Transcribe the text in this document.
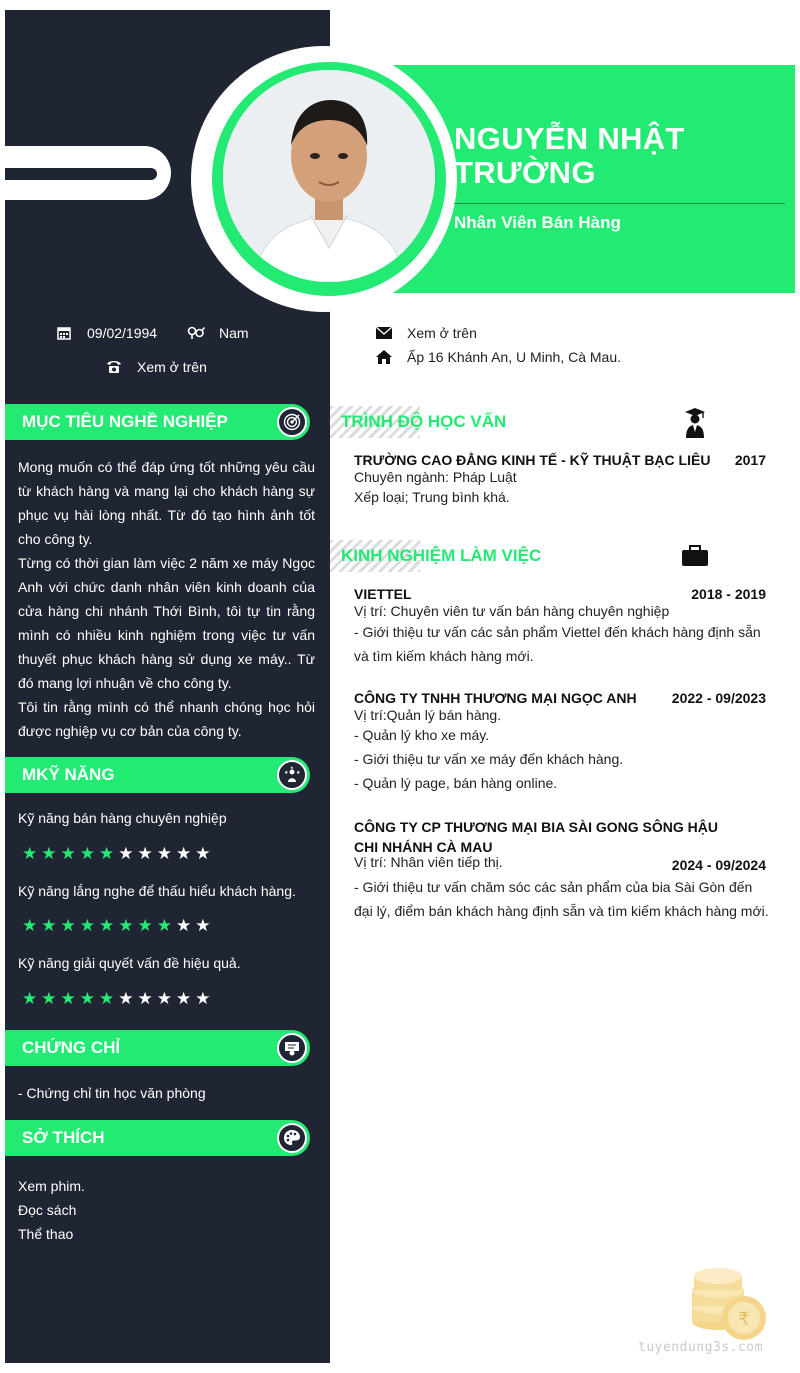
NGUYỄN NHẬT TRƯỜNG
Nhân Viên Bán Hàng
09/02/1994	Nam
Xem ở trên
Xem ở trên
Ấp 16 Khánh An, U Minh, Cà Mau.
MỤC TIÊU NGHỀ NGHIỆP

Mong muốn có thể đáp ứng tốt những yêu cầu từ khách hàng và mang lại cho khách hàng sự phục vụ hài lòng nhất. Từ đó tạo hình ảnh tốt cho công ty.

Từng có thời gian làm việc 2 năm xe máy Ngọc Anh với chức danh nhân viên kinh doanh của cửa hàng chi nhánh Thới Bình, tôi tự tin rằng mình có nhiều kinh nghiệm trong việc tư vấn thuyết phục khách hàng sử dụng xe máy.. Từ đó mang lợi nhuận về cho công ty.

Tôi tin rằng mình có thể nhanh chóng học hỏi được nghiệp vụ cơ bản của công ty.

MKỸ NĂNG	★ ★
★
Kỹ năng bán hàng chuyên nghiệp
★ ★ ★ ★ ★ ★ ★ ★ ★ ★
Kỹ năng lắng nghe để thấu hiểu khách hàng.
★ ★ ★ ★ ★ ★ ★ ★ ★ ★
Kỹ năng giải quyết vấn đề hiệu quả.
★ ★ ★ ★ ★ ★ ★ ★ ★ ★
CHỨNG CHỈ
- Chứng chỉ tin học văn phòng
SỞ THÍCH
Xem phim.
Đọc sách
Thể thao
TRÌNH ĐỘ HỌC VẤN
TRƯỜNG CAO ĐẲNG KINH TẾ - KỸ THUẬT BẠC LIÊU 2017
Chuyên ngành: Pháp Luật
Xếp loại; Trung bình khá.
KINH NGHIỆM LÀM VIỆC
VIETTEL	2018 - 2019
Vị trí: Chuyên viên tư vấn bán hàng chuyên nghiệp
- Giới thiệu tư vấn các sản phẩm Viettel đến khách hàng định sẵn và tìm kiếm khách hàng mới.
CÔNG TY TNHH THƯƠNG MẠI NGỌC ANH	2022 - 09/2023
Vị trí:Quản lý bán hàng.
- Quản lý kho xe máy.
- Giới thiệu tư vấn xe máy đến khách hàng.
- Quản lý page, bán hàng online.
CÔNG TY CP THƯƠNG MẠI BIA SÀI GONG SÔNG HẬU CHI NHÁNH CÀ MAU
Vị trí: Nhân viên tiếp thị.	2024 - 09/2024
- Giới thiệu tư vấn chăm sóc các sản phẩm của bia Sài Gòn đến đại lý, điểm bán khách hàng định sẵn và tìm kiếm khách hàng mới.
₹
tuyendung3s.com
